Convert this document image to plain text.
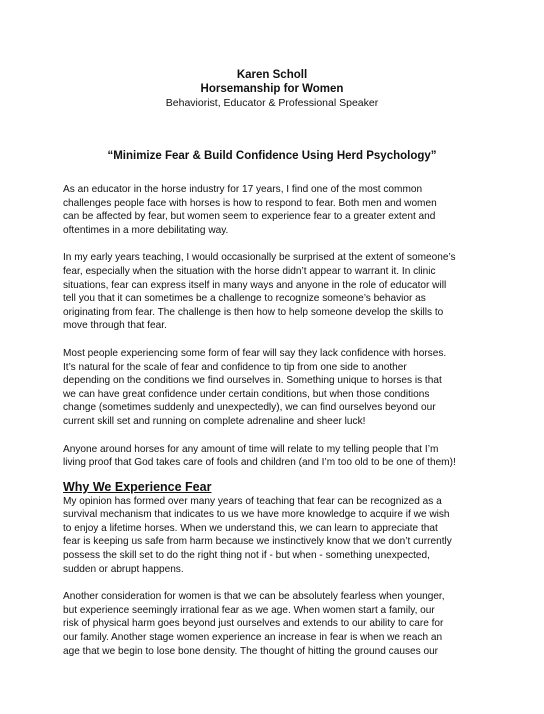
Karen Scholl
Horsemanship for Women
Behaviorist, Educator & Professional Speaker
“Minimize Fear & Build Confidence Using Herd Psychology”
As an educator in the horse industry for 17 years, I find one of the most common
challenges people face with horses is how to respond to fear. Both men and women
can be affected by fear, but women seem to experience fear to a greater extent and
oftentimes in a more debilitating way.
In my early years teaching, I would occasionally be surprised at the extent of someone’s
fear, especially when the situation with the horse didn’t appear to warrant it. In clinic
situations, fear can express itself in many ways and anyone in the role of educator will
tell you that it can sometimes be a challenge to recognize someone’s behavior as
originating from fear. The challenge is then how to help someone develop the skills to
move through that fear.
Most people experiencing some form of fear will say they lack confidence with horses.
It’s natural for the scale of fear and confidence to tip from one side to another
depending on the conditions we find ourselves in. Something unique to horses is that
we can have great confidence under certain conditions, but when those conditions
change (sometimes suddenly and unexpectedly), we can find ourselves beyond our
current skill set and running on complete adrenaline and sheer luck!
Anyone around horses for any amount of time will relate to my telling people that I’m
living proof that God takes care of fools and children (and I’m too old to be one of them)!
Why We Experience Fear
My opinion has formed over many years of teaching that fear can be recognized as a
survival mechanism that indicates to us we have more knowledge to acquire if we wish
to enjoy a lifetime horses. When we understand this, we can learn to appreciate that
fear is keeping us safe from harm because we instinctively know that we don’t currently
possess the skill set to do the right thing not if - but when - something unexpected,
sudden or abrupt happens.
Another consideration for women is that we can be absolutely fearless when younger,
but experience seemingly irrational fear as we age. When women start a family, our
risk of physical harm goes beyond just ourselves and extends to our ability to care for
our family. Another stage women experience an increase in fear is when we reach an
age that we begin to lose bone density. The thought of hitting the ground causes our
